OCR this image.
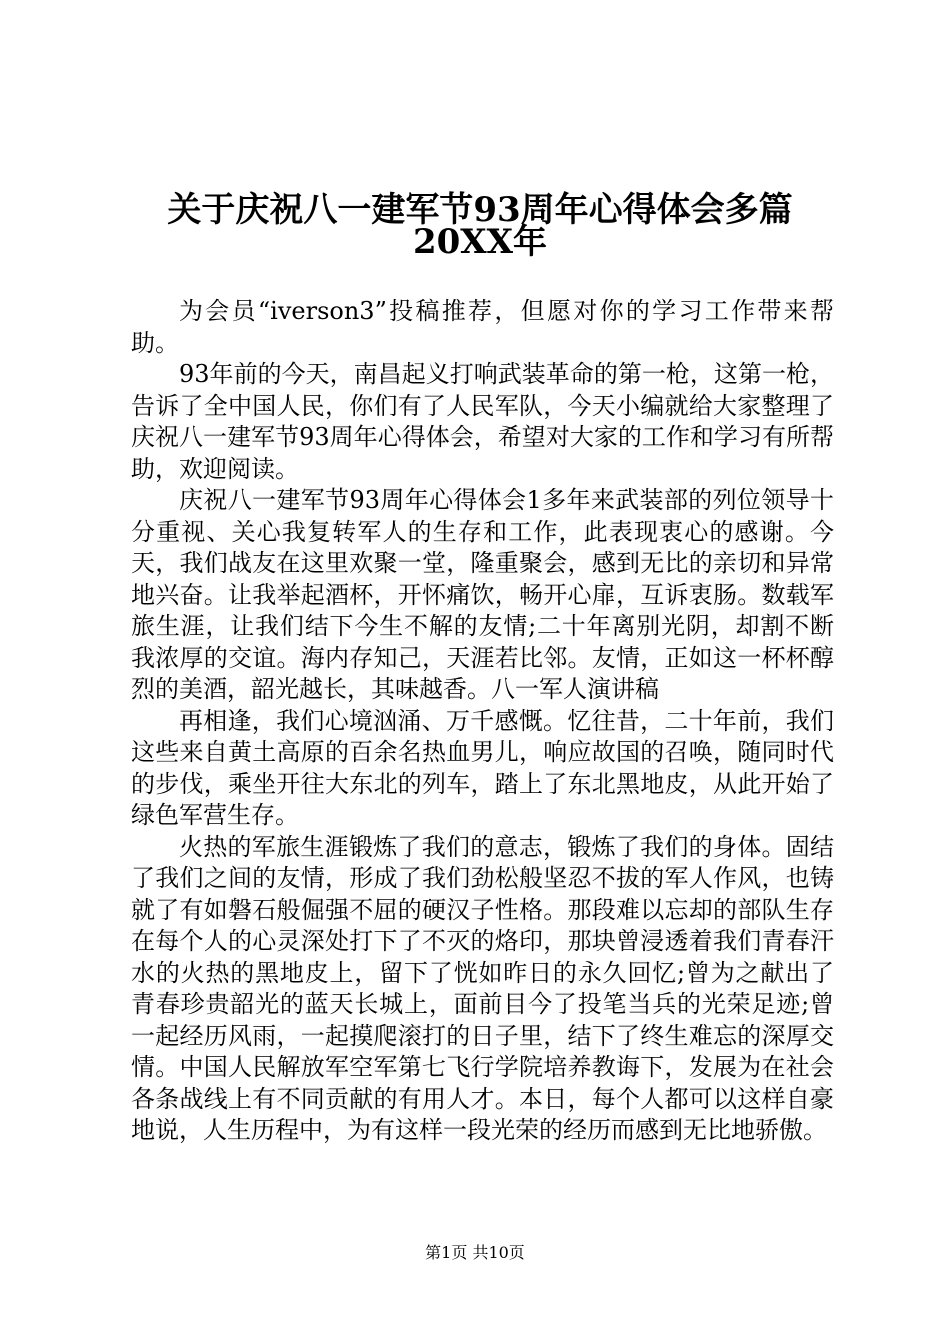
关于庆祝八一建军节93周年心得体会多篇
20XX年

为会员“iverson3”投稿推荐，但愿对你的学习工作带来帮助。

93年前的今天，南昌起义打响武装革命的第一枪，这第一枪，告诉了全中国人民，你们有了人民军队，今天小编就给大家整理了庆祝八一建军节93周年心得体会，希望对大家的工作和学习有所帮助，欢迎阅读。

庆祝八一建军节93周年心得体会1多年来武装部的列位领导十分重视、关心我复转军人的生存和工作，此表现衷心的感谢。今天，我们战友在这里欢聚一堂，隆重聚会，感到无比的亲切和异常地兴奋。让我举起酒杯，开怀痛饮，畅开心扉，互诉衷肠。数载军旅生涯，让我们结下今生不解的友情;二十年离别光阴，却割不断我浓厚的交谊。海内存知己，天涯若比邻。友情，正如这一杯杯醇烈的美酒，韶光越长，其味越香。八一军人演讲稿

再相逢，我们心境汹涌、万千感慨。忆往昔，二十年前，我们这些来自黄土高原的百余名热血男儿，响应故国的召唤，随同时代的步伐，乘坐开往大东北的列车，踏上了东北黑地皮，从此开始了绿色军营生存。

火热的军旅生涯锻炼了我们的意志，锻炼了我们的身体。固结了我们之间的友情，形成了我们劲松般坚忍不拔的军人作风，也铸就了有如磐石般倔强不屈的硬汉子性格。那段难以忘却的部队生存在每个人的心灵深处打下了不灭的烙印，那块曾浸透着我们青春汗水的火热的黑地皮上，留下了恍如昨日的永久回忆;曾为之献出了青春珍贵韶光的蓝天长城上，面前目今了投笔当兵的光荣足迹;曾一起经历风雨，一起摸爬滚打的日子里，结下了终生难忘的深厚交情。中国人民解放军空军第七飞行学院培养教诲下，发展为在社会各条战线上有不同贡献的有用人才。本日，每个人都可以这样自豪地说，人生历程中，为有这样一段光荣的经历而感到无比地骄傲。

第1页 共10页
